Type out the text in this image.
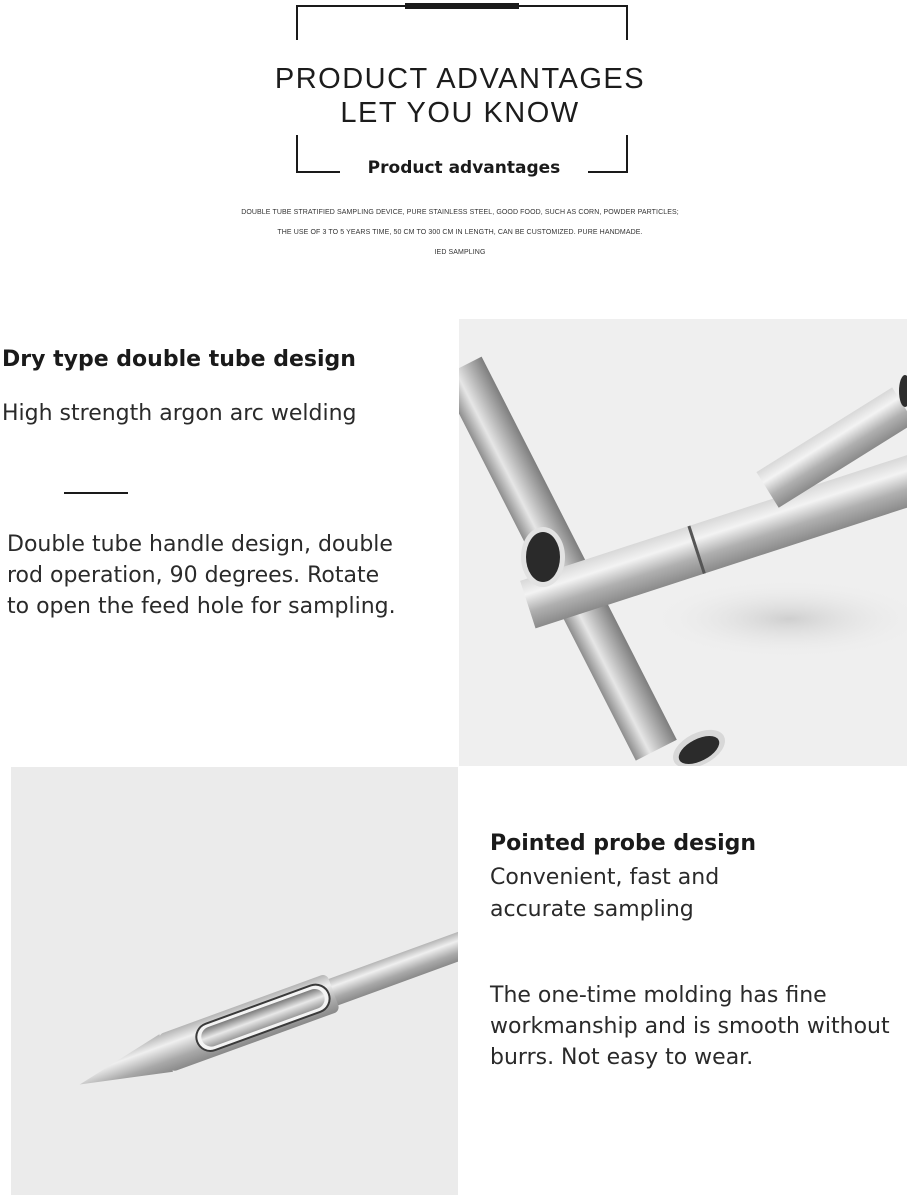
PRODUCT ADVANTAGES
LET YOU KNOW
Product advantages
DOUBLE TUBE STRATIFIED SAMPLING DEVICE, PURE STAINLESS STEEL, GOOD FOOD, SUCH AS CORN, POWDER PARTICLES;
THE USE OF 3 TO 5 YEARS TIME, 50 CM TO 300 CM IN LENGTH, CAN BE CUSTOMIZED. PURE HANDMADE.
IED SAMPLING
Dry type double tube design
High strength argon arc welding
Double tube handle design, double rod operation, 90 degrees. Rotate to open the feed hole for sampling.
Pointed probe design
Convenient, fast and
accurate sampling
The one-time molding has fine workmanship and is smooth without burrs. Not easy to wear.
